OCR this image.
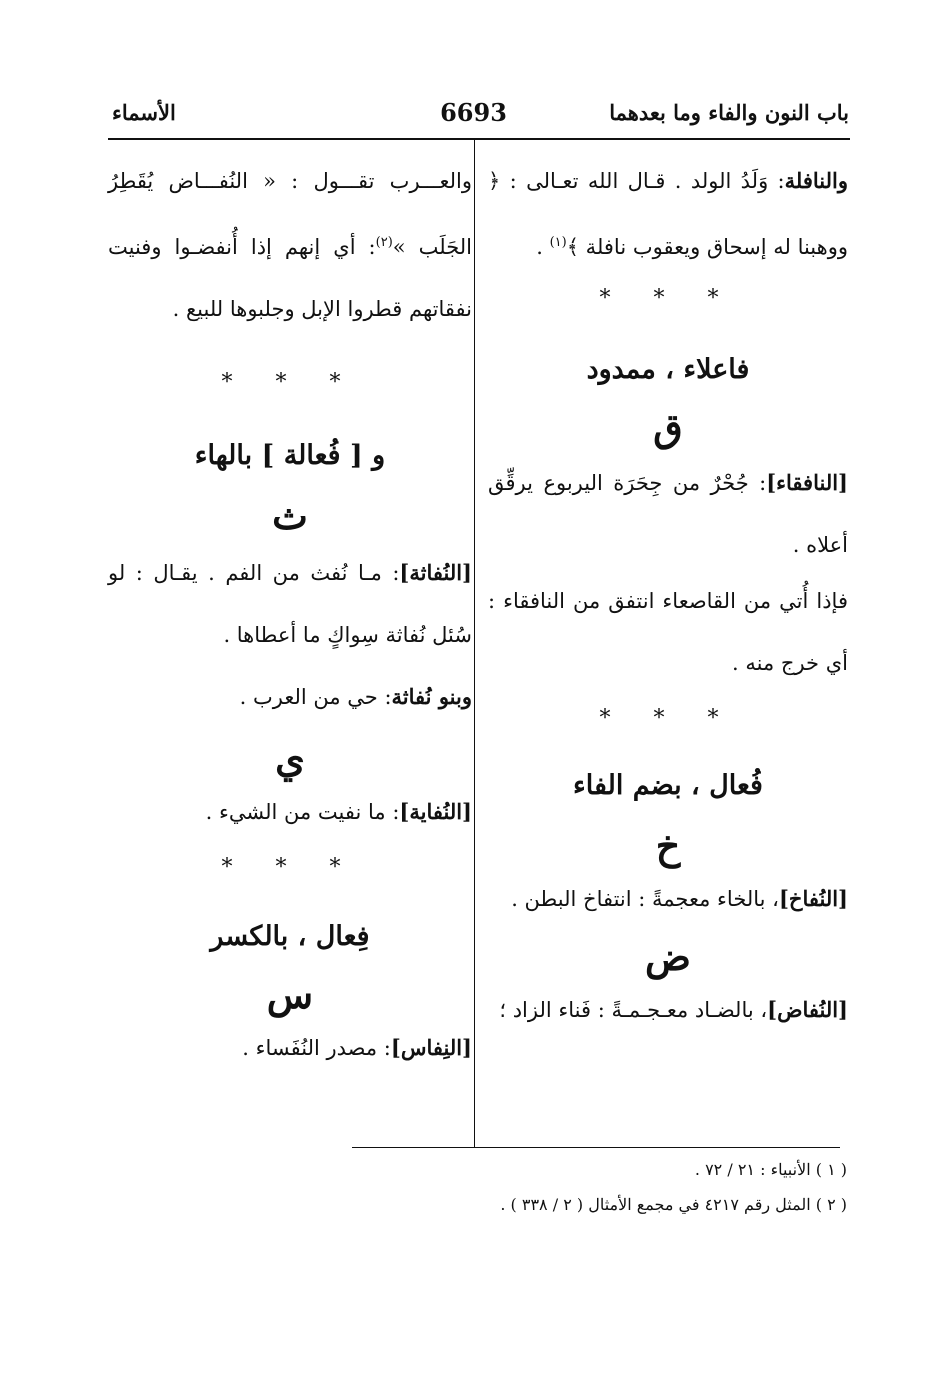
باب النون والفاء وما بعدهما
6693
الأسماء

والنافلة: وَلَدُ الولد . قـال الله تعـالى : ﴿ ووهبنا له إسحاق ويعقوب نافلة ﴾$^{(١)}$ .

* * *

فاعلاء ، ممدود

ق

[النافقاء]: جُحْرٌ من جِحَرَة اليربوع يرقِّق أعلاه .

فإذا أُتي من القاصعاء انتفق من النافقاء : أي خرج منه .

* * *

فُعال ، بضم الفاء

خ

[النُفاخ]، بالخاء معجمةً : انتفاخ البطن .

ض

[النُفاض]، بالضـاد معـجـمـةً : فَناء الزاد ؛

والعـــرب تقـــول : « النُفـــاض يُقَطِرُ الجَلَب »$^{(٢)}$: أي إنهم إذا أُنفضـوا وفنيت نفقاتهم قطروا الإبل وجلبوها للبيع .

* * *

و [ فُعالة ] بالهاء

ث

[النُفاثة]: مـا نُفث من الفم . يقـال : لو سُئل نُفاثة سِواكٍ ما أعطاها .

وبنو نُفاثة: حي من العرب .

ي

[النُفاية]: ما نفيت من الشيء .

* * *

فِعال ، بالكسر

س

[النِفاس]: مصدر النُفَساء .

( ١ ) الأنبياء : ٢١ / ٧٢ .
( ٢ ) المثل رقم ٤٢١٧ في مجمع الأمثال ( ٢ / ٣٣٨ ) .
